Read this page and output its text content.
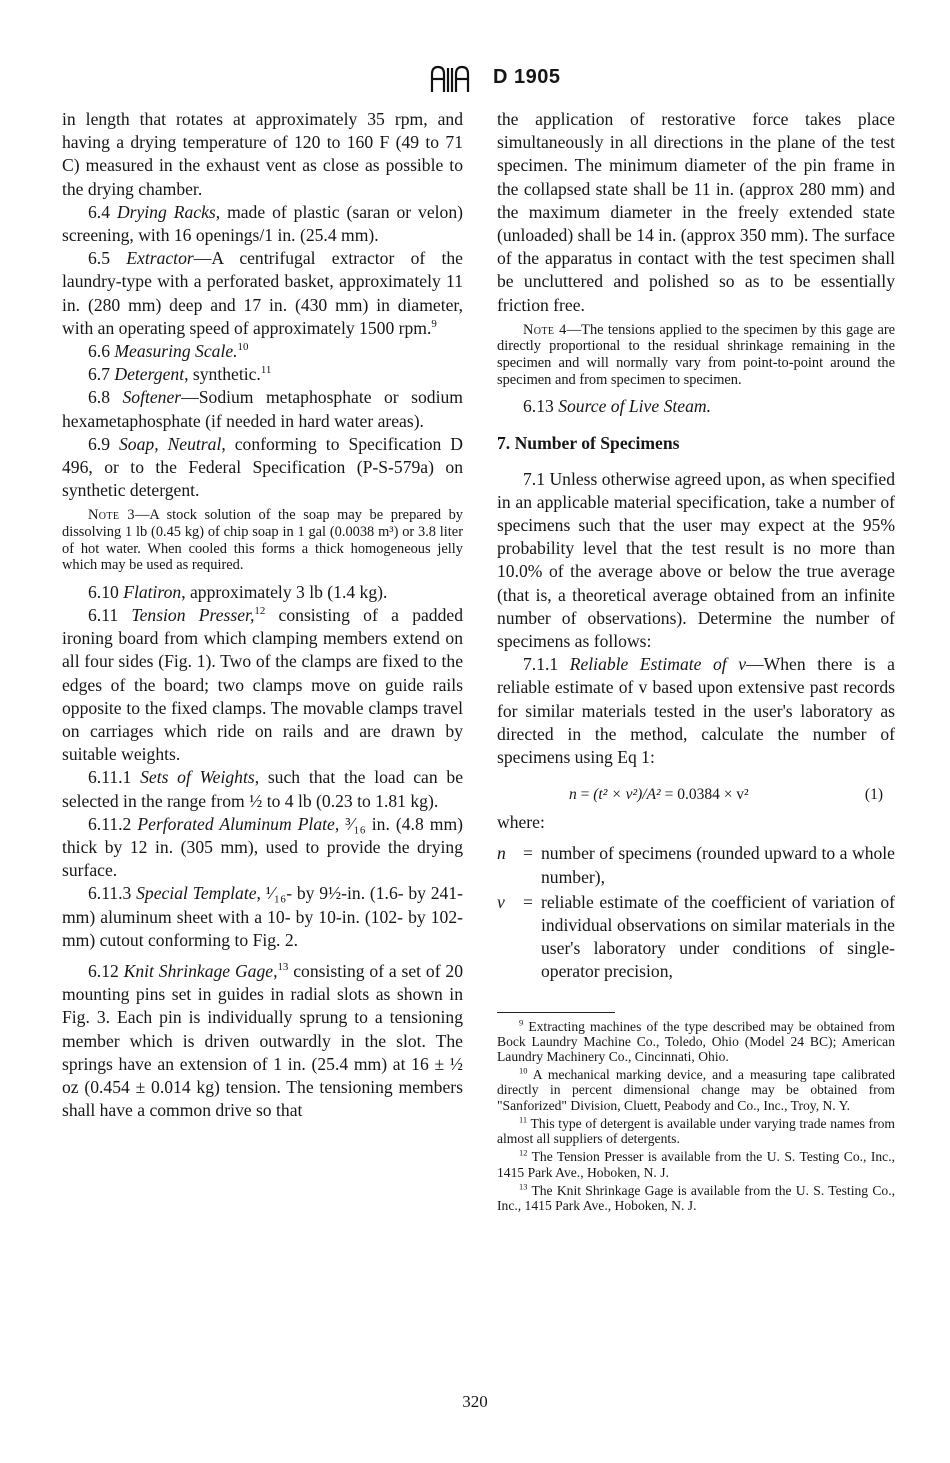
D 1905

in length that rotates at approximately 35 rpm, and having a drying temperature of 120 to 160 F (49 to 71 C) measured in the exhaust vent as close as possible to the drying chamber.

6.4 Drying Racks, made of plastic (saran or velon) screening, with 16 openings/1 in. (25.4 mm).

6.5 Extractor—A centrifugal extractor of the laundry-type with a perforated basket, approximately 11 in. (280 mm) deep and 17 in. (430 mm) in diameter, with an operating speed of approximately 1500 rpm.$^9$

6.6 Measuring Scale.$^{10}$

6.7 Detergent, synthetic.$^{11}$

6.8 Softener—Sodium metaphosphate or sodium hexametaphosphate (if needed in hard water areas).

6.9 Soap, Neutral, conforming to Specification D 496, or to the Federal Specification (P-S-579a) on synthetic detergent.

Note 3—A stock solution of the soap may be prepared by dissolving 1 lb (0.45 kg) of chip soap in 1 gal (0.0038 m³) or 3.8 liter of hot water. When cooled this forms a thick homogeneous jelly which may be used as required.

6.10 Flatiron, approximately 3 lb (1.4 kg).

6.11 Tension Presser,$^{12}$ consisting of a padded ironing board from which clamping members extend on all four sides (Fig. 1). Two of the clamps are fixed to the edges of the board; two clamps move on guide rails opposite to the fixed clamps. The movable clamps travel on carriages which ride on rails and are drawn by suitable weights.

6.11.1 Sets of Weights, such that the load can be selected in the range from ½ to 4 lb (0.23 to 1.81 kg).

6.11.2 Perforated Aluminum Plate, ³⁄₁₆ in. (4.8 mm) thick by 12 in. (305 mm), used to provide the drying surface.

6.11.3 Special Template, ¹⁄₁₆- by 9½-in. (1.6- by 241-mm) aluminum sheet with a 10- by 10-in. (102- by 102-mm) cutout conforming to Fig. 2.

6.12 Knit Shrinkage Gage,$^{13}$ consisting of a set of 20 mounting pins set in guides in radial slots as shown in Fig. 3. Each pin is individually sprung to a tensioning member which is driven outwardly in the slot. The springs have an extension of 1 in. (25.4 mm) at 16 ± ½ oz (0.454 ± 0.014 kg) tension. The tensioning members shall have a common drive so that

the application of restorative force takes place simultaneously in all directions in the plane of the test specimen. The minimum diameter of the pin frame in the collapsed state shall be 11 in. (approx 280 mm) and the maximum diameter in the freely extended state (unloaded) shall be 14 in. (approx 350 mm). The surface of the apparatus in contact with the test specimen shall be uncluttered and polished so as to be essentially friction free.

Note 4—The tensions applied to the specimen by this gage are directly proportional to the residual shrinkage remaining in the specimen and will normally vary from point-to-point around the specimen and from specimen to specimen.

6.13 Source of Live Steam.

7. Number of Specimens

7.1 Unless otherwise agreed upon, as when specified in an applicable material specification, take a number of specimens such that the user may expect at the 95% probability level that the test result is no more than 10.0% of the average above or below the true average (that is, a theoretical average obtained from an infinite number of observations). Determine the number of specimens as follows:

7.1.1 Reliable Estimate of v—When there is a reliable estimate of v based upon extensive past records for similar materials tested in the user's laboratory as directed in the method, calculate the number of specimens using Eq 1:

n = (t² × v²)/A² = 0.0384 × v²	(1)

where:

n = number of specimens (rounded upward to a whole number),
v	= reliable estimate of the coefficient of variation of individual observations on similar materials in the user's laboratory under conditions of single-operator precision,

$^9$ Extracting machines of the type described may be obtained from Bock Laundry Machine Co., Toledo, Ohio (Model 24 BC); American Laundry Machinery Co., Cincinnati, Ohio.

$^{10}$ A mechanical marking device, and a measuring tape calibrated directly in percent dimensional change may be obtained from "Sanforized" Division, Cluett, Peabody and Co., Inc., Troy, N. Y.

$^{11}$ This type of detergent is available under varying trade names from almost all suppliers of detergents.

$^{12}$ The Tension Presser is available from the U. S. Testing Co., Inc., 1415 Park Ave., Hoboken, N. J.

$^{13}$ The Knit Shrinkage Gage is available from the U. S. Testing Co., Inc., 1415 Park Ave., Hoboken, N. J.

320
